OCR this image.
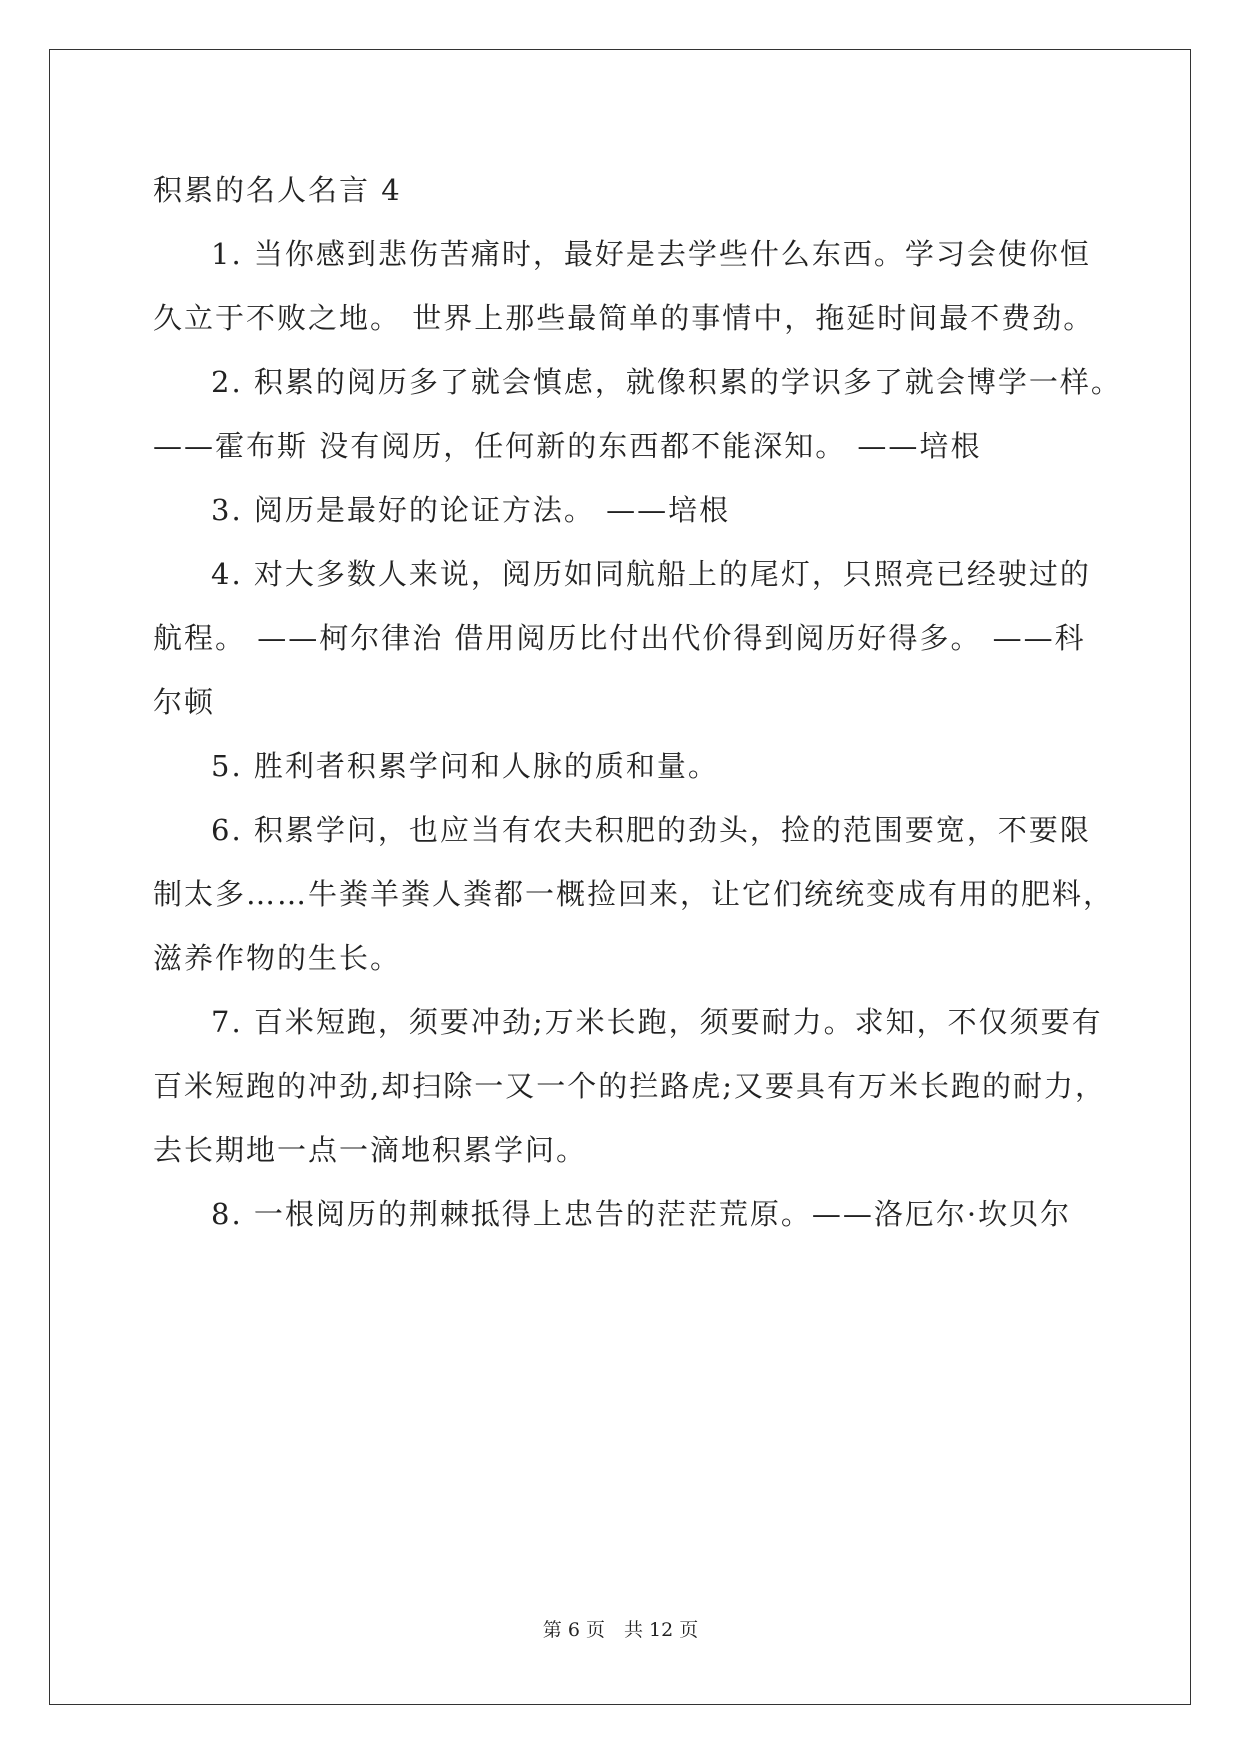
积累的名人名言 4
1. 当你感到悲伤苦痛时，最好是去学些什么东西。学习会使你恒
久立于不败之地。 世界上那些最简单的事情中，拖延时间最不费劲。
2. 积累的阅历多了就会慎虑，就像积累的学识多了就会博学一样。
——霍布斯 没有阅历，任何新的东西都不能深知。 ——培根
3. 阅历是最好的论证方法。 ——培根
4. 对大多数人来说，阅历如同航船上的尾灯，只照亮已经驶过的
航程。 ——柯尔律治 借用阅历比付出代价得到阅历好得多。 ——科
尔顿
5. 胜利者积累学问和人脉的质和量。
6. 积累学问，也应当有农夫积肥的劲头，捡的范围要宽，不要限
制太多……牛粪羊粪人粪都一概捡回来，让它们统统变成有用的肥料，
滋养作物的生长。
7. 百米短跑，须要冲劲;万米长跑，须要耐力。求知，不仅须要有
百米短跑的冲劲,却扫除一又一个的拦路虎;又要具有万米长跑的耐力，
去长期地一点一滴地积累学问。
8. 一根阅历的荆棘抵得上忠告的茫茫荒原。——洛厄尔·坎贝尔
第 6 页　共 12 页
